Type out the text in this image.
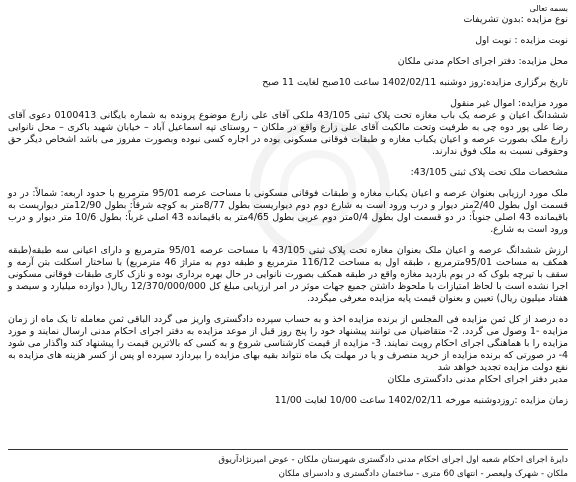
بسمه تعالی
نوع مزایده :بدون تشریفات
نوبت مزایده : نوبت اول
محل مزایده: دفتر اجرای احکام مدنی ملکان
تاریخ برگزاری مزایده:روز دوشنبه 1402/02/11 ساعت 10صبح لغایت 11 صبح
مورد مزایده: اموال غیر منقول

ششدانگ اعیان و عرصه یک باب مغازه تحت پلاک ثبتی 43/105 ملکی آقای علی زارع موضوع پرونده به شماره بایگانی 0100413 دعوی آقای رضا علی پور دوه چی به طرفیت وتحت مالکیت آقای علی زارع واقع در ملکان – روستای تپه اسماعیل آباد – خیابان شهید باکری – محل نانوایی زارع ملک بصورت عرصه و اعیان یکباب مغازه و طبقات فوقانی مسکونی بوده در اجاره کسی نبوده وبصورت مفروز می باشد اشخاص دیگر حق وحقوقی نسبت به ملک فوق ندارند.

مشخصات ملک تحت پلاک ثبتی 43/105:

ملک مورد ارزیابی بعنوان عرصه و اعیان یکباب مغازه و طبقات فوقانی مسکونی با مساحت عرصه 95/01 مترمربع با حدود اربعه: شمالاً: در دو قسمت اول بطول 2/40متر دیوار و درب ورود است به شارع دوم دوم دیواریست بطول 8/77متر به کوچه شرقاً: بطول 12/90متر دیواریست به باقیمانده 43 اصلی جنوباً: در دو قسمت اول بطول 0/4متر دوم عربی بطول 4/65متر به باقیمانده 43 اصلی غرباً: بطول 10/6 متر دیوار و درب ورود است به شارع.

ارزش ششدانگ عرصه و اعیان ملک بعنوان مغازه تحت پلاک ثبتی 43/105 با مساحت عرصه 95/01 مترمربع و دارای اعیانی سه طبقه(طبقه همکف به مساحت 95/01مترمربع ، طبقه اول به مساحت 116/12 مترمربع و طبقه دوم به متراژ 46 مترمربع) با ساختار اسکلت بتن آرمه و سقف با تیرچه بلوک که در یوم بازدید مغازه واقع در طبقه همکف بصورت نانوایی در حال بهره برداری بوده و نازک کاری طبقات فوقانی مسکونی اجرا نشده است با لحاظ امتیازات با ملحوظ داشتن جمیع جهات موثر در امر ارزیابی مبلغ کل 12/370/000/000 ریال( دوازده میلیارد و سیصد و هفتاد میلیون ریال) تعیین و بعنوان قیمت پایه مزایده معرفی میگردد.

ده درصد از کل ثمن مزایده فی المجلس از برنده مزایده اخذ و به حساب سپرده دادگستری واریز می گردد الباقی ثمن معامله تا یک ماه از زمان مزایده -1 وصول می گردد. 2- متقاضیان می توانند پیشنهاد خود را پنج روز قبل از موعد مزایده به دفتر اجرای احکام مدنی ارسال نمایند و مورد مزایده را با هماهنگی اجرای احکام رویت نمایند. 3- مزایده از قیمت کارشناسی شروع و به کسی که بالاترین قیمت را پیشنهاد کند واگذار می شود 4- در صورتی که برنده مزایده از خرید منصرف و یا در مهلت یک ماه نتواند بقیه بهای مزایده را بپردازد سپرده او پس از کسر هزینه های مزایده به نفع دولت مزایده تجدید خواهد شد

مدیر دفتر اجرای احکام مدنی دادگستری ملکان
زمان مزایده :روزدوشنبه مورخه 1402/02/11 ساعت 10/00 لغایت 11/00
دایرۀ اجرای احکام شعبه اول اجرای احکام مدنی دادگستری شهرستان ملکان - عوض امیرنژادآریوق
ملکان - شهرک ولیعصر - انتهای 60 متری - ساختمان دادگستری و دادسرای ملکان
